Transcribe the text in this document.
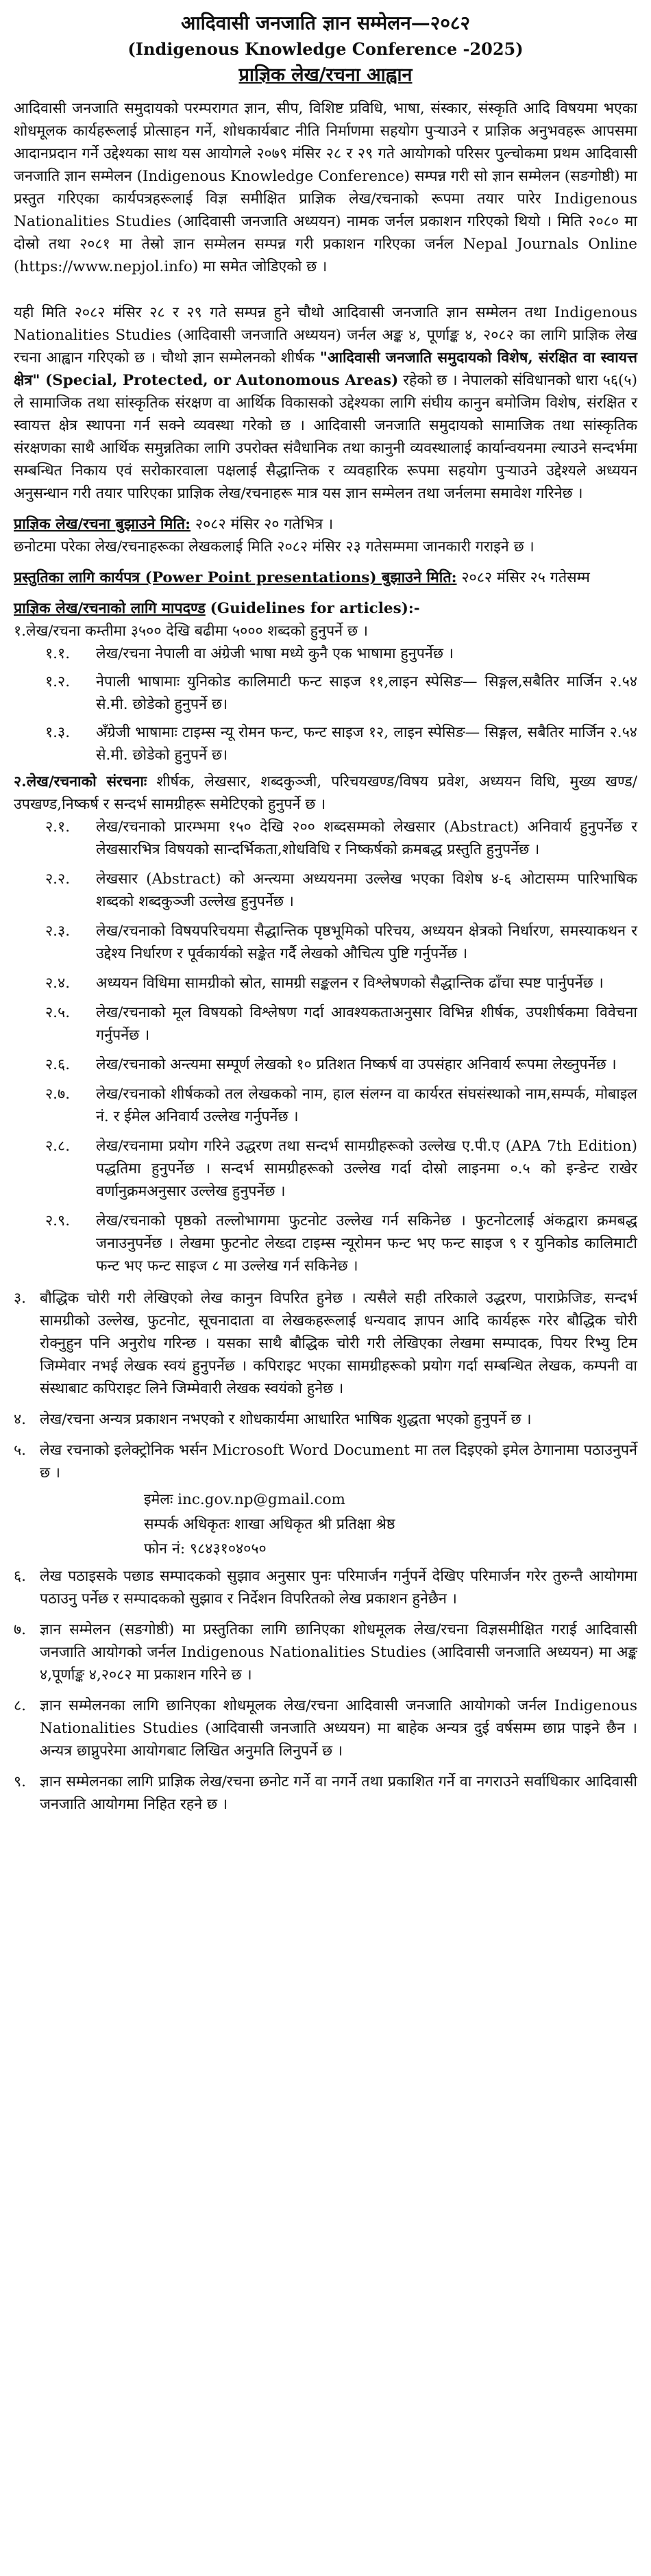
आदिवासी जनजाति ज्ञान सम्मेलन—२०८२
(Indigenous Knowledge Conference -2025)
प्राज्ञिक लेख/रचना आह्वान

आदिवासी जनजाति समुदायको परम्परागत ज्ञान, सीप, विशिष्ट प्रविधि, भाषा, संस्कार, संस्कृति आदि विषयमा भएका शोधमूलक कार्यहरूलाई प्रोत्साहन गर्ने, शोधकार्यबाट नीति निर्माणमा सहयोग पुऱ्याउने र प्राज्ञिक अनुभवहरू आपसमा आदानप्रदान गर्ने उद्देश्यका साथ यस आयोगले २०७९ मंसिर २८ र २९ गते आयोगको परिसर पुल्चोकमा प्रथम आदिवासी जनजाति ज्ञान सम्मेलन (Indigenous Knowledge Conference) सम्पन्न गरी सो ज्ञान सम्मेलन (सङगोष्ठी) मा प्रस्तुत गरिएका कार्यपत्रहरूलाई विज्ञ समीक्षित प्राज्ञिक लेख/रचनाको रूपमा तयार पारेर Indigenous Nationalities Studies (आदिवासी जनजाति अध्ययन) नामक जर्नल प्रकाशन गरिएको थियो । मिति २०८० मा दोस्रो तथा २०८१ मा तेस्रो ज्ञान सम्मेलन सम्पन्न गरी प्रकाशन गरिएका जर्नल Nepal Journals Online (https://www.nepjol.info) मा समेत जोडिएको छ ।

यही मिति २०८२ मंसिर २८ र २९ गते सम्पन्न हुने चौथो आदिवासी जनजाति ज्ञान सम्मेलन तथा Indigenous Nationalities Studies (आदिवासी जनजाति अध्ययन) जर्नल अङ्क ४, पूर्णाङ्क ४, २०८२ का लागि प्राज्ञिक लेख रचना आह्वान गरिएको छ । चौथो ज्ञान सम्मेलनको शीर्षक "आदिवासी जनजाति समुदायको विशेष, संरक्षित वा स्वायत्त क्षेत्र" (Special, Protected, or Autonomous Areas) रहेको छ । नेपालको संविधानको धारा ५६(५) ले सामाजिक तथा सांस्कृतिक संरक्षण वा आर्थिक विकासको उद्देश्यका लागि संघीय कानुन बमोजिम विशेष, संरक्षित र स्वायत्त क्षेत्र स्थापना गर्न सक्ने व्यवस्था गरेको छ । आदिवासी जनजाति समुदायको सामाजिक तथा सांस्कृतिक संरक्षणका साथै आर्थिक समुन्नतिका लागि उपरोक्त संवैधानिक तथा कानुनी व्यवस्थालाई कार्यान्वयनमा ल्याउने सन्दर्भमा सम्बन्धित निकाय एवं सरोकारवाला पक्षलाई सैद्धान्तिक र व्यवहारिक रूपमा सहयोग पुऱ्याउने उद्देश्यले अध्ययन अनुसन्धान गरी तयार पारिएका प्राज्ञिक लेख/रचनाहरू मात्र यस ज्ञान सम्मेलन तथा जर्नलमा समावेश गरिनेछ ।

प्राज्ञिक लेख/रचना बुझाउने मिति: २०८२ मंसिर २० गतेभित्र ।

छनोटमा परेका लेख/रचनाहरूका लेखकलाई मिति २०८२ मंसिर २३ गतेसम्ममा जानकारी गराइने छ ।

प्रस्तुतिका लागि कार्यपत्र (Power Point presentations) बुझाउने मिति: २०८२ मंसिर २५ गतेसम्म

प्राज्ञिक लेख/रचनाको लागि मापदण्ड (Guidelines for articles):-

१.लेख/रचना कम्तीमा ३५०० देखि बढीमा ५००० शब्दको हुनुपर्ने छ ।

१.१.	लेख/रचना नेपाली वा अंग्रेजी भाषा मध्ये कुनै एक भाषामा हुनुपर्नेछ ।
१.२.	नेपाली भाषामाः युनिकोड कालिमाटी फन्ट साइज ११,लाइन स्पेसिङ— सिङ्गल,सबैतिर मार्जिन २.५४ से.मी. छोडेको हुनुपर्ने छ।
१.३.	अँग्रेजी भाषामाः टाइम्स न्यू रोमन फन्ट, फन्ट साइज १२, लाइन स्पेसिङ— सिङ्गल, सबैतिर मार्जिन २.५४ से.मी. छोडेको हुनुपर्ने छ।

२.लेख/रचनाको संरचनाः शीर्षक, लेखसार, शब्दकुञ्जी, परिचयखण्ड/विषय प्रवेश, अध्ययन विधि, मुख्य खण्ड/उपखण्ड,निष्कर्ष र सन्दर्भ सामग्रीहरू समेटिएको हुनुपर्ने छ ।

२.१.	लेख/रचनाको प्रारम्भमा १५० देखि २०० शब्दसम्मको लेखसार (Abstract) अनिवार्य हुनुपर्नेछ र लेखसारभित्र विषयको सान्दर्भिकता,शोधविधि र निष्कर्षको क्रमबद्ध प्रस्तुति हुनुपर्नेछ ।
२.२.	लेखसार (Abstract) को अन्त्यमा अध्ययनमा उल्लेख भएका विशेष ४-६ ओटासम्म पारिभाषिक शब्दको शब्दकुञ्जी उल्लेख हुनुपर्नेछ ।
२.३.	लेख/रचनाको विषयपरिचयमा सैद्धान्तिक पृष्ठभूमिको परिचय, अध्ययन क्षेत्रको निर्धारण, समस्याकथन र उद्देश्य निर्धारण र पूर्वकार्यको सङ्केत गर्दै लेखको औचित्य पुष्टि गर्नुपर्नेछ ।
२.४.	अध्ययन विधिमा सामग्रीको स्रोत, सामग्री सङ्कलन र विश्लेषणको सैद्धान्तिक ढाँचा स्पष्ट पार्नुपर्नेछ ।
२.५.	लेख/रचनाको मूल विषयको विश्लेषण गर्दा आवश्यकताअनुसार विभिन्न शीर्षक, उपशीर्षकमा विवेचना गर्नुपर्नेछ ।
२.६.	लेख/रचनाको अन्त्यमा सम्पूर्ण लेखको १० प्रतिशत निष्कर्ष वा उपसंहार अनिवार्य रूपमा लेख्नुपर्नेछ ।
२.७.	लेख/रचनाको शीर्षकको तल लेखकको नाम, हाल संलग्न वा कार्यरत संघसंस्थाको नाम,सम्पर्क, मोबाइल नं. र ईमेल अनिवार्य उल्लेख गर्नुपर्नेछ ।
२.८.	लेख/रचनामा प्रयोग गरिने उद्धरण तथा सन्दर्भ सामग्रीहरूको उल्लेख ए.पी.ए (APA 7th Edition) पद्धतिमा हुनुपर्नेछ । सन्दर्भ सामग्रीहरूको उल्लेख गर्दा दोस्रो लाइनमा ०.५ को इन्डेन्ट राखेर वर्णानुक्रमअनुसार उल्लेख हुनुपर्नेछ ।
२.९.	लेख/रचनाको पृष्ठको तल्लोभागमा फुटनोट उल्लेख गर्न सकिनेछ । फुटनोटलाई अंकद्वारा क्रमबद्ध जनाउनुपर्नेछ । लेखमा फुटनोट लेख्दा टाइम्स न्यूरोमन फन्ट भए फन्ट साइज ९ र युनिकोड कालिमाटी फन्ट भए फन्ट साइज ८ मा उल्लेख गर्न सकिनेछ ।
३. बौद्धिक चोरी गरी लेखिएको लेख कानुन विपरित हुनेछ । त्यसैले सही तरिकाले उद्धरण, पाराफ्रेजिङ, सन्दर्भ सामग्रीको उल्लेख, फुटनोट, सूचनादाता वा लेखकहरूलाई धन्यवाद ज्ञापन आदि कार्यहरू गरेर बौद्धिक चोरी रोक्नुहुन पनि अनुरोध गरिन्छ । यसका साथै बौद्धिक चोरी गरी लेखिएका लेखमा सम्पादक, पियर रिभ्यु टिम जिम्मेवार नभई लेखक स्वयं हुनुपर्नेछ । कपिराइट भएका सामग्रीहरूको प्रयोग गर्दा सम्बन्धित लेखक, कम्पनी वा संस्थाबाट कपिराइट लिने जिम्मेवारी लेखक स्वयंको हुनेछ ।
४. लेख/रचना अन्यत्र प्रकाशन नभएको र शोधकार्यमा आधारित भाषिक शुद्धता भएको हुनुपर्ने छ ।
५. लेख रचनाको इलेक्ट्रोनिक भर्सन Microsoft Word Document मा तल दिइएको इमेल ठेगानामा पठाउनुपर्ने छ ।
इमेलः inc.gov.np@gmail.com
सम्पर्क अधिकृतः शाखा अधिकृत श्री प्रतिक्षा श्रेष्ठ
फोन नं: ९८४३१०४०५०
६. लेख पठाइसके पछाड सम्पादकको सुझाव अनुसार पुनः परिमार्जन गर्नुपर्ने देखिए परिमार्जन गरेर तुरुन्तै आयोगमा पठाउनु पर्नेछ र सम्पादकको सुझाव र निर्देशन विपरितको लेख प्रकाशन हुनेछैन ।
७. ज्ञान सम्मेलन (सङगोष्ठी) मा प्रस्तुतिका लागि छानिएका शोधमूलक लेख/रचना विज्ञसमीक्षित गराई आदिवासी जनजाति आयोगको जर्नल Indigenous Nationalities Studies (आदिवासी जनजाति अध्ययन) मा अङ्क ४,पूर्णाङ्क ४,२०८२ मा प्रकाशन गरिने छ ।
८. ज्ञान सम्मेलनका लागि छानिएका शोधमूलक लेख/रचना आदिवासी जनजाति आयोगको जर्नल Indigenous Nationalities Studies (आदिवासी जनजाति अध्ययन) मा बाहेक अन्यत्र दुई वर्षसम्म छाप्न पाइने छैन । अन्यत्र छाप्नुपरेमा आयोगबाट लिखित अनुमति लिनुपर्ने छ ।
९. ज्ञान सम्मेलनका लागि प्राज्ञिक लेख/रचना छनोट गर्ने वा नगर्ने तथा प्रकाशित गर्ने वा नगराउने सर्वाधिकार आदिवासी जनजाति आयोगमा निहित रहने छ ।
